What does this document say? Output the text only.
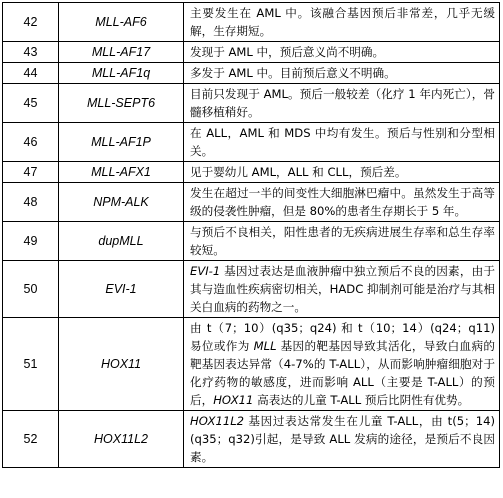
42	MLL-AF6	主要发生在 AML 中。该融合基因预后非常差，几乎无缓解，生存期短。
43	MLL-AF17	发现于 AML 中，预后意义尚不明确。
44	MLL-AF1q	多发于 AML 中。目前预后意义不明确。
45	MLL-SEPT6	目前只发现于 AML。预后一般较差（化疗 1 年内死亡），骨髓移植稍好。
46	MLL-AF1P	在 ALL，AML 和 MDS 中均有发生。预后与性别和分型相关。
47	MLL-AFX1	见于婴幼儿 AML，ALL 和 CLL，预后差。
48	NPM-ALK	发生在超过一半的间变性大细胞淋巴瘤中。虽然发生于高等级的侵袭性肿瘤，但是 80%的患者生存期长于 5 年。
49	dupMLL	与预后不良相关，阳性患者的无疾病进展生存率和总生存率较短。
50	EVI-1	EVI-1 基因过表达是血液肿瘤中独立预后不良的因素，由于其与造血性疾病密切相关，HADC 抑制剂可能是治疗与其相关白血病的药物之一。
51	HOX11	由 t（7；10）(q35；q24) 和 t（10；14）(q24；q11) 易位或作为 MLL 基因的靶基因导致其活化，导致白血病的靶基因表达异常（4-7%的 T-ALL），从而影响肿瘤细胞对于化疗药物的敏感度，进而影响 ALL（主要是 T-ALL）的预后，HOX11 高表达的儿童 T-ALL 预后比阴性有优势。
52	HOX11L2	HOX11L2 基因过表达常发生在儿童 T-ALL，由 t(5；14)(q35；q32)引起，是导致 ALL 发病的途径，是预后不良因素。
